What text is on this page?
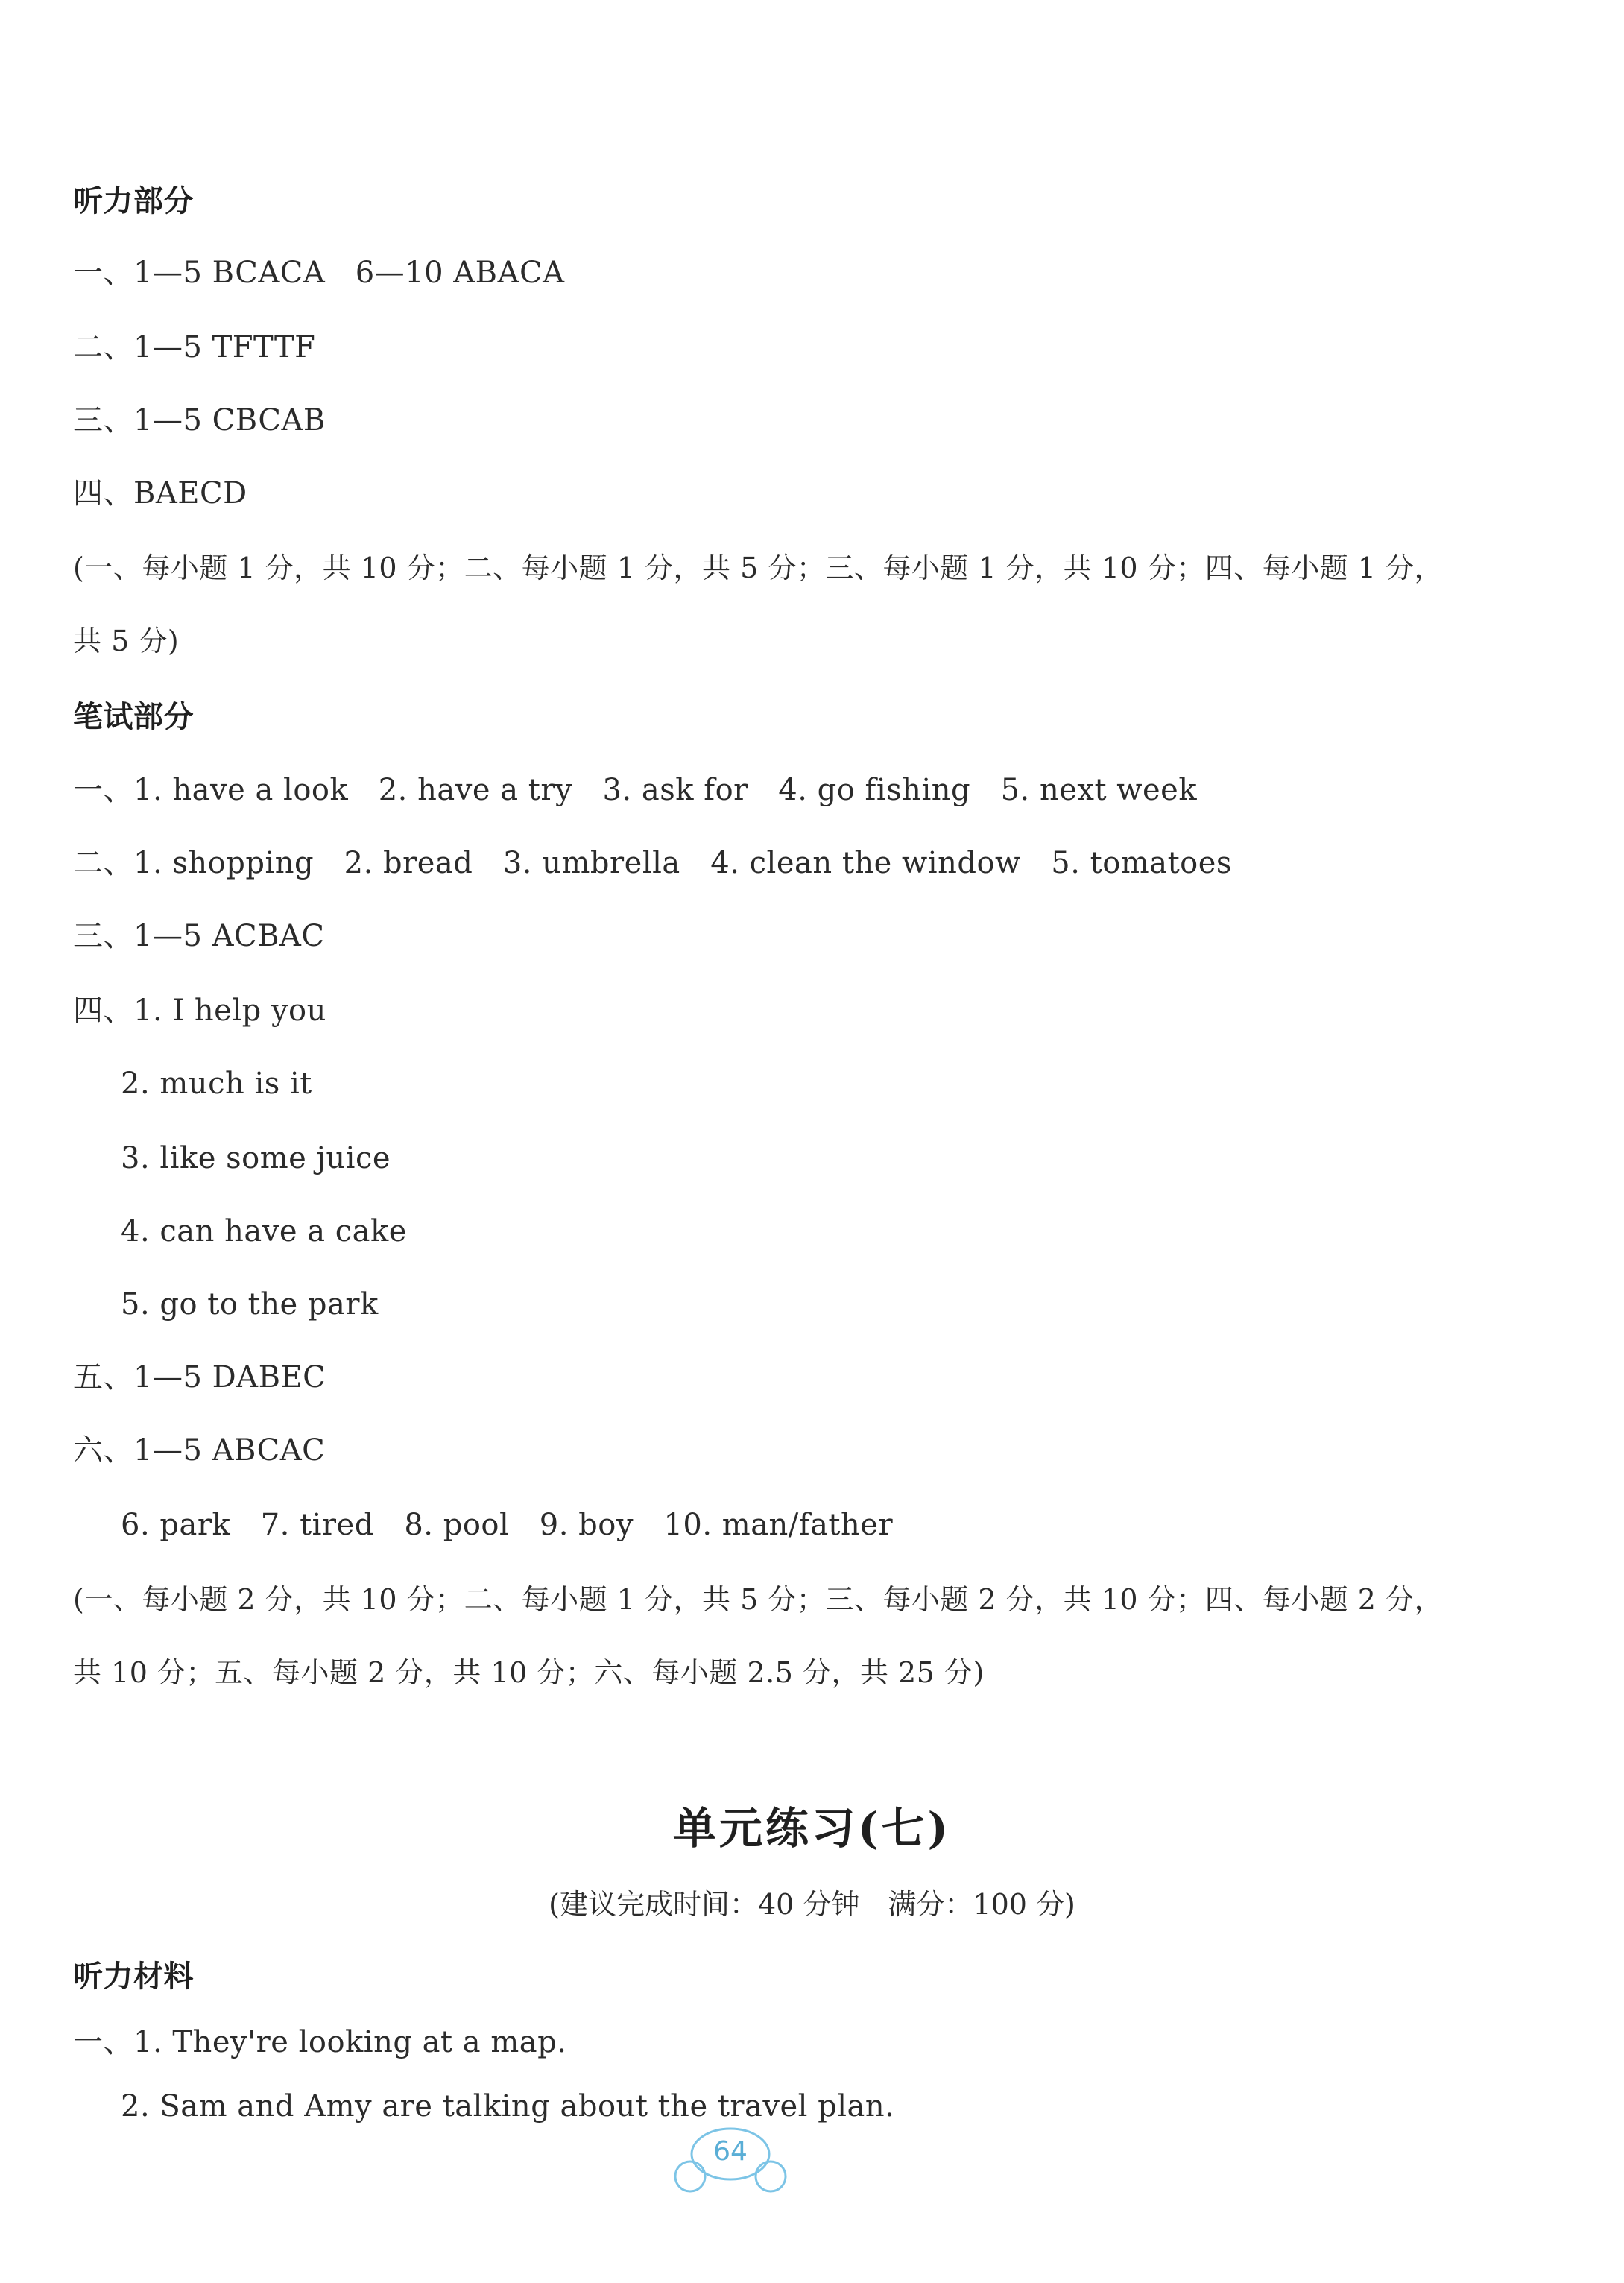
听力部分
一、1—5 BCACA　6—10 ABACA
二、1—5 TFTTF
三、1—5 CBCAB
四、BAECD
(一、每小题 1 分，共 10 分；二、每小题 1 分，共 5 分；三、每小题 1 分，共 10 分；四、每小题 1 分，
共 5 分)
笔试部分
一、1. have a look　2. have a try　3. ask for　4. go fishing　5. next week
二、1. shopping　2. bread　3. umbrella　4. clean the window　5. tomatoes
三、1—5 ACBAC
四、1. I help you
2. much is it
3. like some juice
4. can have a cake
5. go to the park
五、1—5 DABEC
六、1—5 ABCAC
6. park　7. tired　8. pool　9. boy　10. man/father
(一、每小题 2 分，共 10 分；二、每小题 1 分，共 5 分；三、每小题 2 分，共 10 分；四、每小题 2 分，
共 10 分；五、每小题 2 分，共 10 分；六、每小题 2.5 分，共 25 分)
单元练习(七)
(建议完成时间：40 分钟　满分：100 分)
听力材料
一、1. They're looking at a map.
2. Sam and Amy are talking about the travel plan.
64
